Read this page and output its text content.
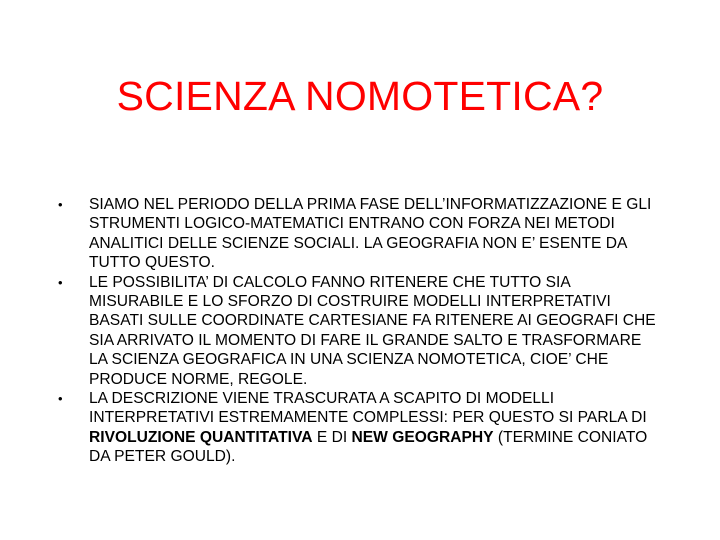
SCIENZA NOMOTETICA?
• SIAMO NEL PERIODO DELLA PRIMA FASE DELL’INFORMATIZZAZIONE E GLI STRUMENTI LOGICO-MATEMATICI ENTRANO CON FORZA NEI METODI ANALITICI DELLE SCIENZE SOCIALI. LA GEOGRAFIA NON E’ ESENTE DA TUTTO QUESTO.
• LE POSSIBILITA’ DI CALCOLO FANNO RITENERE CHE TUTTO SIA MISURABILE E LO SFORZO DI COSTRUIRE MODELLI INTERPRETATIVI BASATI SULLE COORDINATE CARTESIANE FA RITENERE AI GEOGRAFI CHE SIA ARRIVATO IL MOMENTO DI FARE IL GRANDE SALTO E TRASFORMARE LA SCIENZA GEOGRAFICA IN UNA SCIENZA NOMOTETICA, CIOE’ CHE PRODUCE NORME, REGOLE.
• LA DESCRIZIONE VIENE TRASCURATA A SCAPITO DI MODELLI INTERPRETATIVI ESTREMAMENTE COMPLESSI: PER QUESTO SI PARLA DI RIVOLUZIONE QUANTITATIVA E DI NEW GEOGRAPHY (TERMINE CONIATO DA PETER GOULD).
